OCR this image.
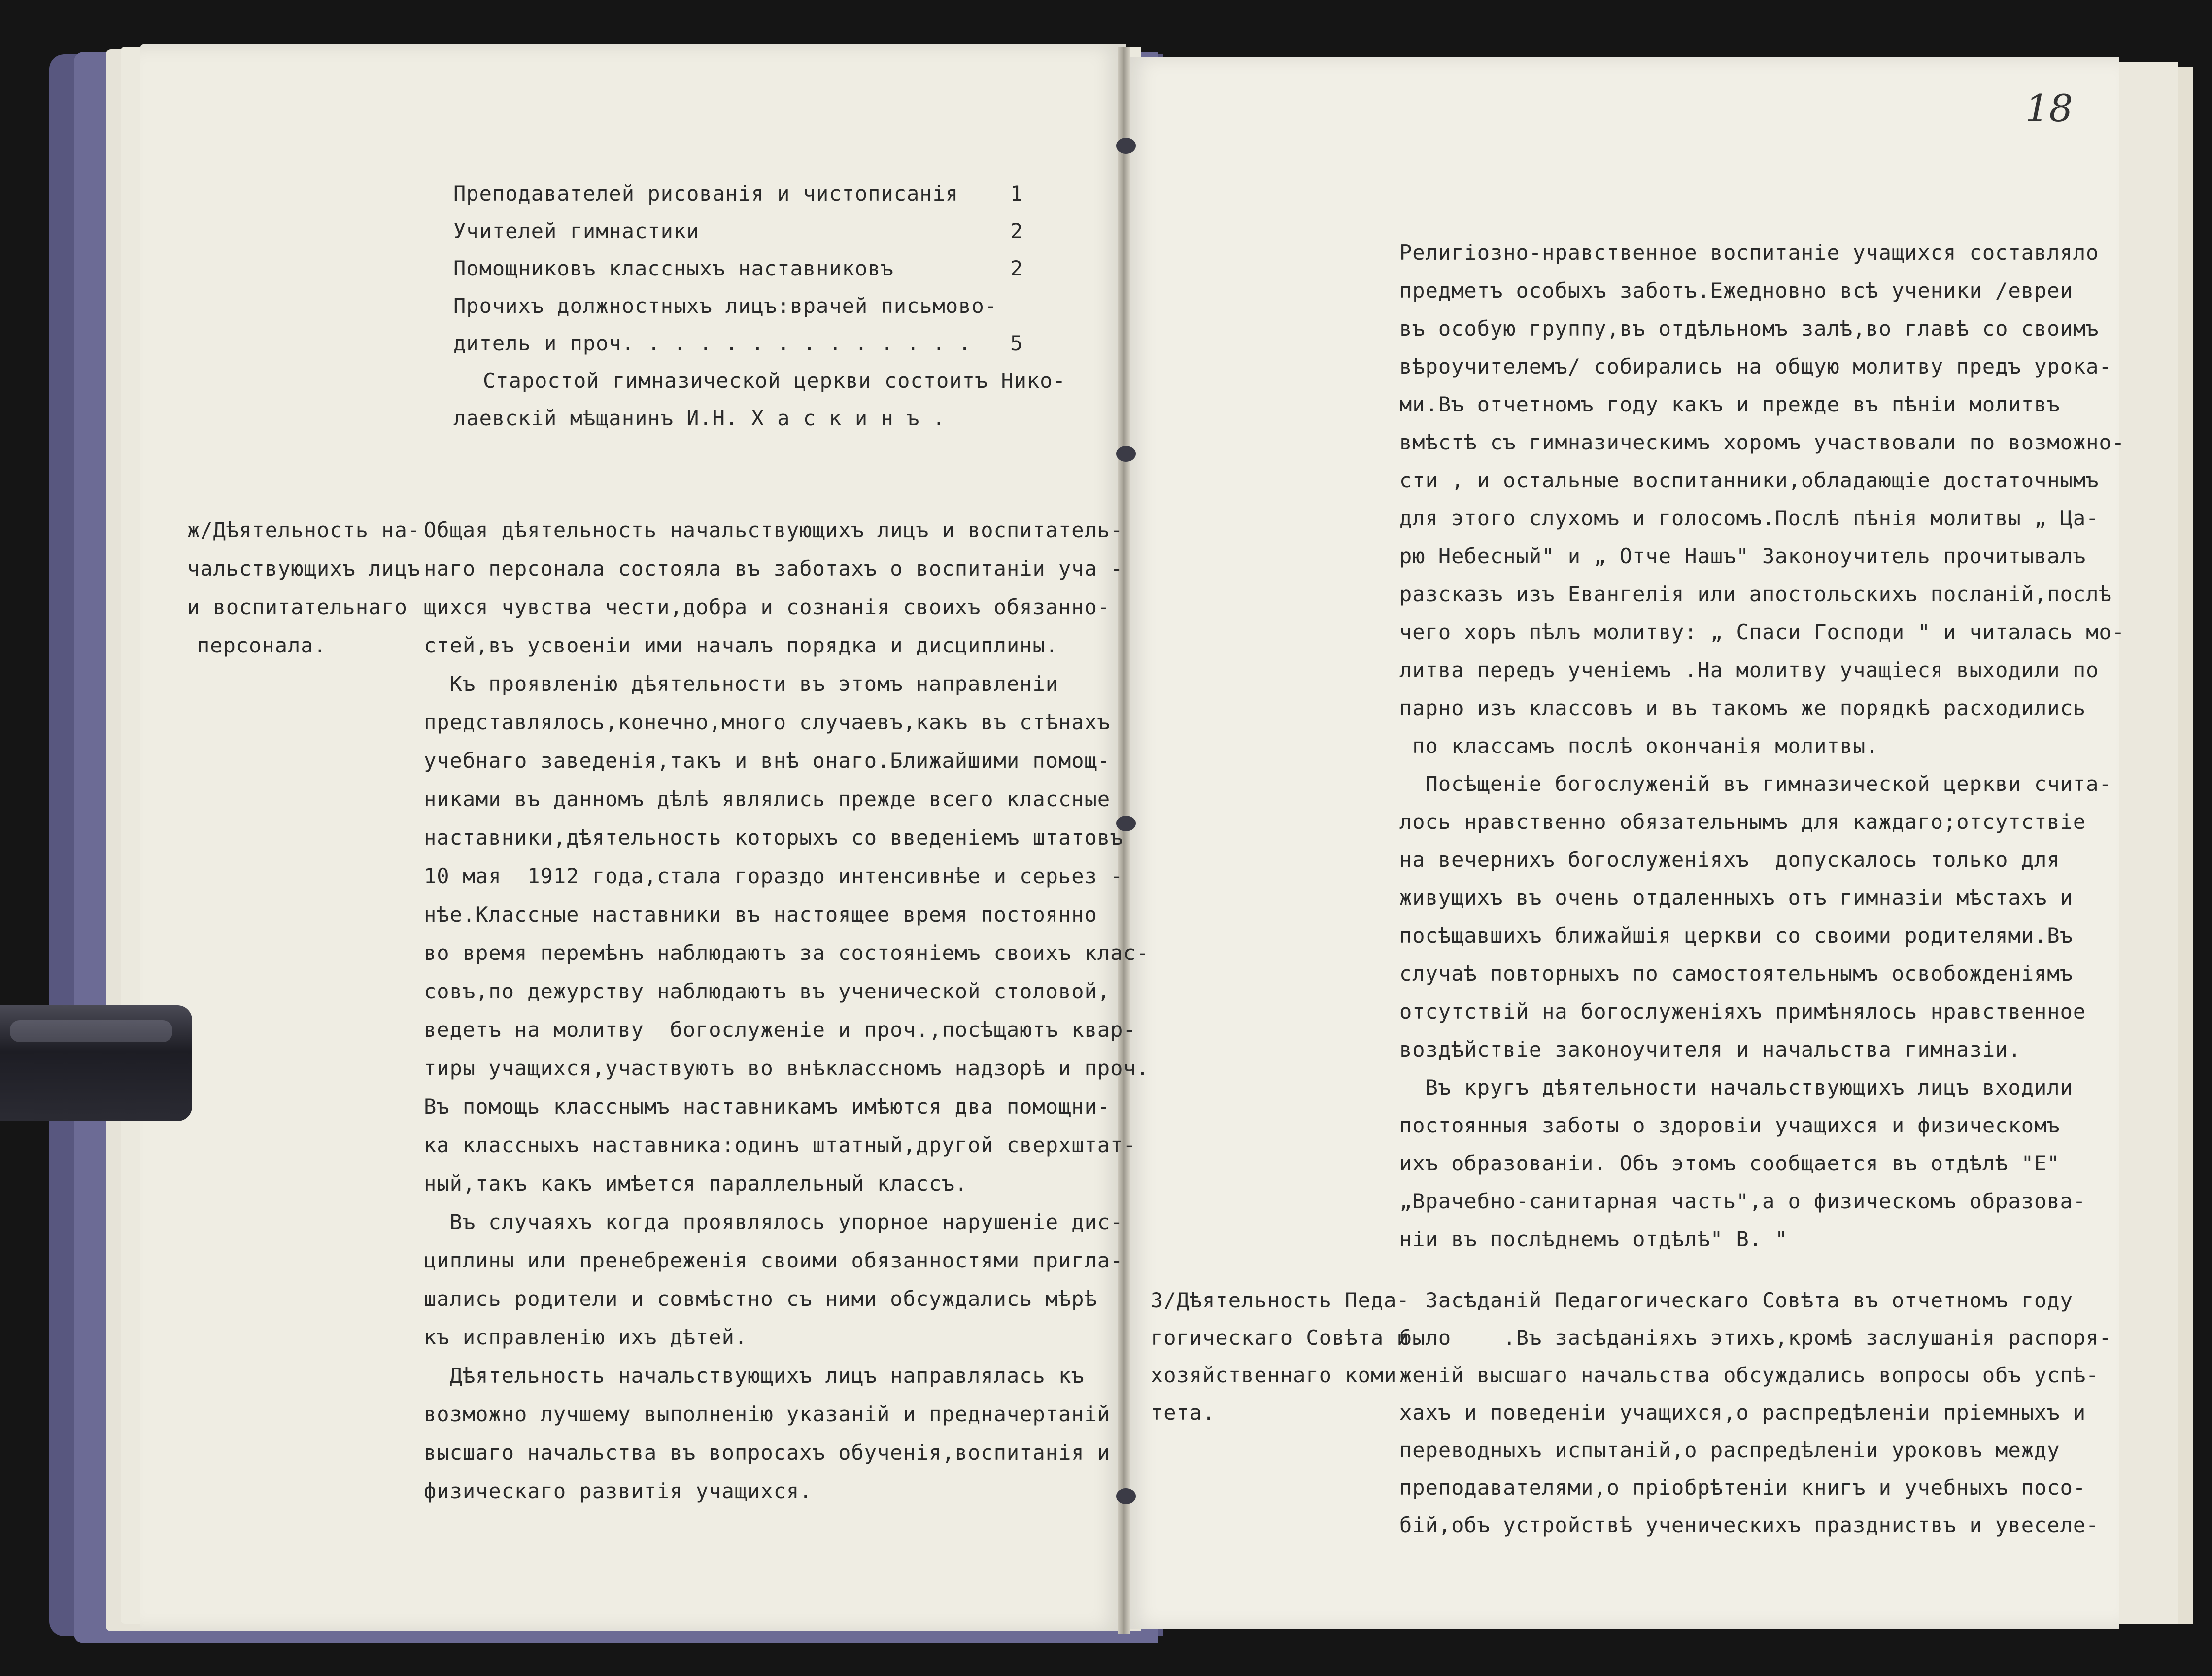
18
Преподавателей рисованія и чистописанія 1
Учителей гимнастики	2
Помощниковъ классныхъ наставниковъ	2
Прочихъ должностныхъ лицъ:врачей письмово-
дитель и проч. . . . . . . . . . . . . . 5
Старостой гимназической церкви состоитъ Нико-
лаевскій мѣщанинъ И.Н. Х а с к и н ъ .
ж/Дѣятельность на-
чальствующихъ лицъ
и воспитательнаго
персонала.
Общая дѣятельность начальствующихъ лицъ и воспитатель-
наго персонала состояла въ заботахъ о воспитаніи уча -
щихся чувства чести,добра и сознанія своихъ обязанно-
стей,въ усвоеніи ими началъ порядка и дисциплины.
Къ проявленію дѣятельности въ этомъ направленіи
представлялось,конечно,много случаевъ,какъ въ стѣнахъ
учебнаго заведенія,такъ и внѣ онаго.Ближайшими помощ-
никами въ данномъ дѣлѣ являлись прежде всего классные
наставники,дѣятельность которыхъ со введеніемъ штатовъ
10 мая  1912 года,стала гораздо интенсивнѣе и серьез -
нѣе.Классные наставники въ настоящее время постоянно
во время перемѣнъ наблюдаютъ за состояніемъ своихъ клас-
совъ,по дежурству наблюдаютъ въ ученической столовой,
ведетъ на молитву  богослуженіе и проч.,посѣщаютъ квар-
тиры учащихся,участвуютъ во внѣклассномъ надзорѣ и проч.
Въ помощь класснымъ наставникамъ имѣются два помощни-
ка классныхъ наставника:одинъ штатный,другой сверхштат-
ный,такъ какъ имѣется параллельный классъ.
Въ случаяхъ когда проявлялось упорное нарушеніе дис-
циплины или пренебреженія своими обязанностями пригла-
шались родители и совмѣстно съ ними обсуждались мѣрѣ
къ исправленію ихъ дѣтей.
Дѣятельность начальствующихъ лицъ направлялась къ
возможно лучшему выполненію указаній и предначертаній
высшаго начальства въ вопросахъ обученія,воспитанія и
физическаго развитія учащихся.
Религіозно-нравственное воспитаніе учащихся составляло
предметъ особыхъ заботъ.Ежедновно всѣ ученики /евреи
въ особую группу,въ отдѣльномъ залѣ,во главѣ со своимъ
вѣроучителемъ/ собирались на общую молитву предъ урока-
ми.Въ отчетномъ году какъ и прежде въ пѣніи молитвъ
вмѣстѣ съ гимназическимъ хоромъ участвовали по возможно-
сти , и остальные воспитанники,обладающіе достаточнымъ
для этого слухомъ и голосомъ.Послѣ пѣнія молитвы „ Ца-
рю Небесный" и „ Отче Нашъ" Законоучитель прочитывалъ
разсказъ изъ Евангелія или апостольскихъ посланій,послѣ
чего хоръ пѣлъ молитву: „ Спаси Господи " и читалась мо-
литва передъ ученіемъ .На молитву учащіеся выходили по
парно изъ классовъ и въ такомъ же порядкѣ расходились
по классамъ послѣ окончанія молитвы.
Посѣщеніе богослуженій въ гимназической церкви счита-
лось нравственно обязательнымъ для каждаго;отсутствіе
на вечернихъ богослуженіяхъ  допускалось только для
живущихъ въ очень отдаленныхъ отъ гимназіи мѣстахъ и
посѣщавшихъ ближайшія церкви со своими родителями.Въ
случаѣ повторныхъ по самостоятельнымъ освобожденіямъ
отсутствій на богослуженіяхъ примѣнялось нравственное
воздѣйствіе законоучителя и начальства гимназіи.
Въ кругъ дѣятельности начальствующихъ лицъ входили
постоянныя заботы о здоровіи учащихся и физическомъ
ихъ образованіи. Объ этомъ сообщается въ отдѣлѣ "Е"
„Врачебно-санитарная часть",а о физическомъ образова-
ніи въ послѣднемъ отдѣлѣ" В. "
3/Дѣятельность Педа-
гогическаго Совѣта и
хозяйственнаго коми
тета.
Засѣданій Педагогическаго Совѣта въ отчетномъ году
было    .Въ засѣданіяхъ этихъ,кромѣ заслушанія распоря-
женій высшаго начальства обсуждались вопросы объ успѣ-
хахъ и поведеніи учащихся,о распредѣленіи пріемныхъ и
переводныхъ испытаній,о распредѣленіи уроковъ между
преподавателями,о пріобрѣтеніи книгъ и учебныхъ посо-
бій,объ устройствѣ ученическихъ праздниствъ и увеселе-
